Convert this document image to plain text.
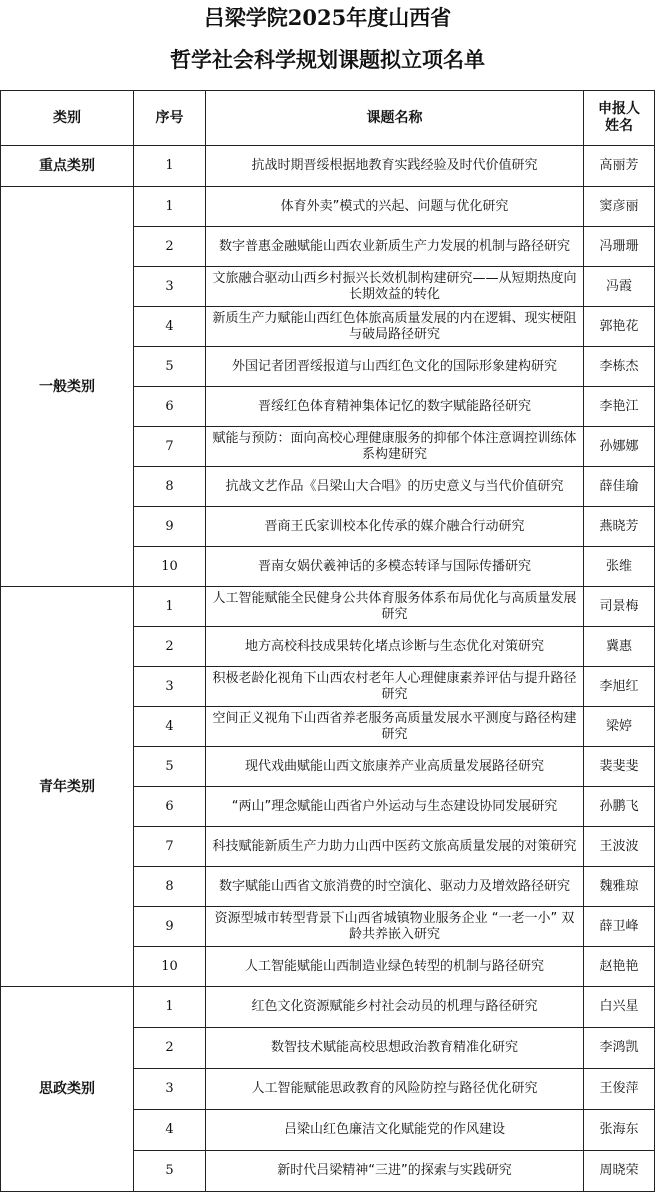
吕梁学院2025年度山西省
哲学社会科学规划课题拟立项名单
类别	序号	课题名称	申报人
姓名
重点类别	1	抗战时期晋绥根据地教育实践经验及时代价值研究	高丽芳
一般类别	1	体育外卖”模式的兴起、问题与优化研究	窦彦丽
	2	数字普惠金融赋能山西农业新质生产力发展的机制与路径研究	冯珊珊
	3	文旅融合驱动山西乡村振兴长效机制构建研究——从短期热度向长期效益的转化	冯霞
	4	新质生产力赋能山西红色体旅高质量发展的内在逻辑、现实梗阻与破局路径研究	郭艳花
	5	外国记者团晋绥报道与山西红色文化的国际形象建构研究	李栋杰
	6	晋绥红色体育精神集体记忆的数字赋能路径研究	李艳江
	7	赋能与预防：面向高校心理健康服务的抑郁个体注意调控训练体系构建研究	孙娜娜
	8	抗战文艺作品《吕梁山大合唱》的历史意义与当代价值研究	薛佳瑜
	9	晋商王氏家训校本化传承的媒介融合行动研究	燕晓芳
	10	晋南女娲伏羲神话的多模态转译与国际传播研究	张维
青年类别	1	人工智能赋能全民健身公共体育服务体系布局优化与高质量发展研究	司景梅
	2	地方高校科技成果转化堵点诊断与生态优化对策研究	冀惠
	3	积极老龄化视角下山西农村老年人心理健康素养评估与提升路径研究	李旭红
	4	空间正义视角下山西省养老服务高质量发展水平测度与路径构建研究	梁婷
	5	现代戏曲赋能山西文旅康养产业高质量发展路径研究	裴斐斐
	6	“两山”理念赋能山西省户外运动与生态建设协同发展研究	孙鹏飞
	7	科技赋能新质生产力助力山西中医药文旅高质量发展的对策研究	王波波
	8	数字赋能山西省文旅消费的时空演化、驱动力及增效路径研究	魏雅琼
	9	资源型城市转型背景下山西省城镇物业服务企业 “一老一小” 双龄共养嵌入研究	薛卫峰
	10	人工智能赋能山西制造业绿色转型的机制与路径研究	赵艳艳
思政类别	1	红色文化资源赋能乡村社会动员的机理与路径研究	白兴星
	2	数智技术赋能高校思想政治教育精准化研究	李鸿凯
	3	人工智能赋能思政教育的风险防控与路径优化研究	王俊萍
	4	吕梁山红色廉洁文化赋能党的作风建设	张海东
	5	新时代吕梁精神“三进”的探索与实践研究	周晓荣
